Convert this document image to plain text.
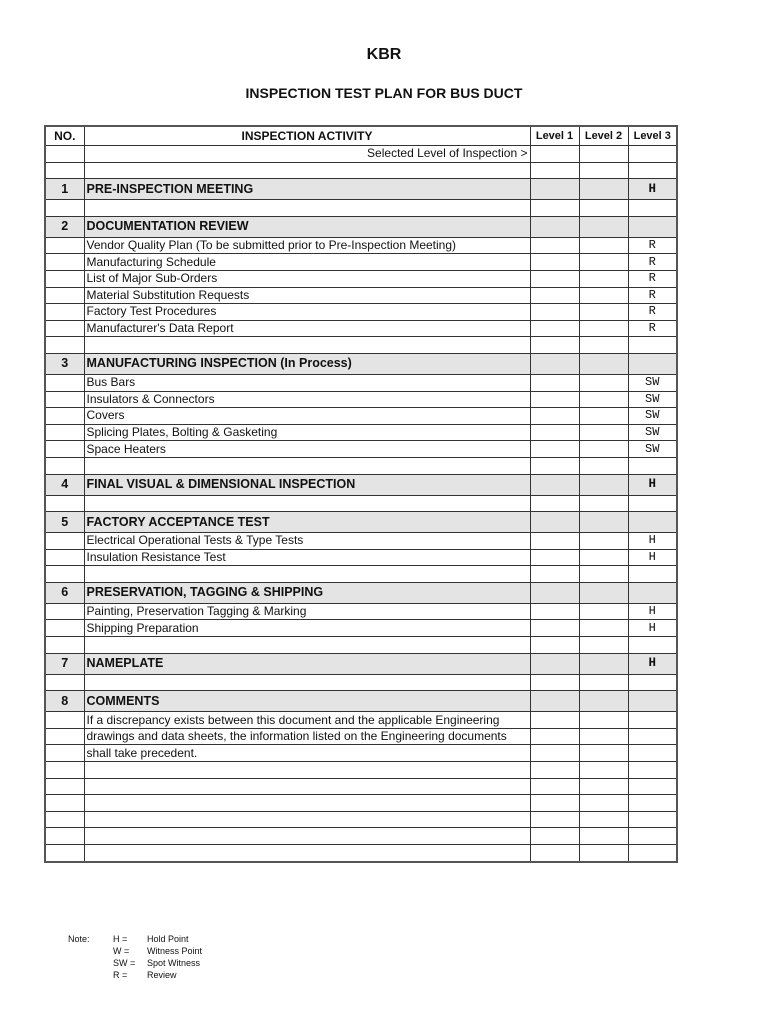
KBR
INSPECTION TEST PLAN FOR BUS DUCT
NO.	INSPECTION ACTIVITY	Level 1	Level 2	Level 3
	Selected Level of Inspection >			

1	PRE-INSPECTION MEETING			H

2	DOCUMENTATION REVIEW			
	Vendor Quality Plan (To be submitted prior to Pre-Inspection Meeting)			R
	Manufacturing Schedule			R
	List of Major Sub-Orders			R
	Material Substitution Requests			R
	Factory Test Procedures			R
	Manufacturer's Data Report			R

3	MANUFACTURING INSPECTION (In Process)			
	Bus Bars			SW
	Insulators & Connectors			SW
	Covers			SW
	Splicing Plates, Bolting & Gasketing			SW
	Space Heaters			SW

4	FINAL VISUAL & DIMENSIONAL INSPECTION			H

5	FACTORY ACCEPTANCE TEST			
	Electrical Operational Tests & Type Tests			H
	Insulation Resistance Test			H

6	PRESERVATION, TAGGING & SHIPPING			
	Painting, Preservation Tagging & Marking			H
	Shipping Preparation			H

7	NAMEPLATE			H

8	COMMENTS			
	If a discrepancy exists between this document and the applicable Engineering			
	drawings and data sheets, the information listed on the Engineering documents			
	shall take precedent.			

Note:	H = Hold Point
W = Witness Point
SW = Spot Witness
R = Review
